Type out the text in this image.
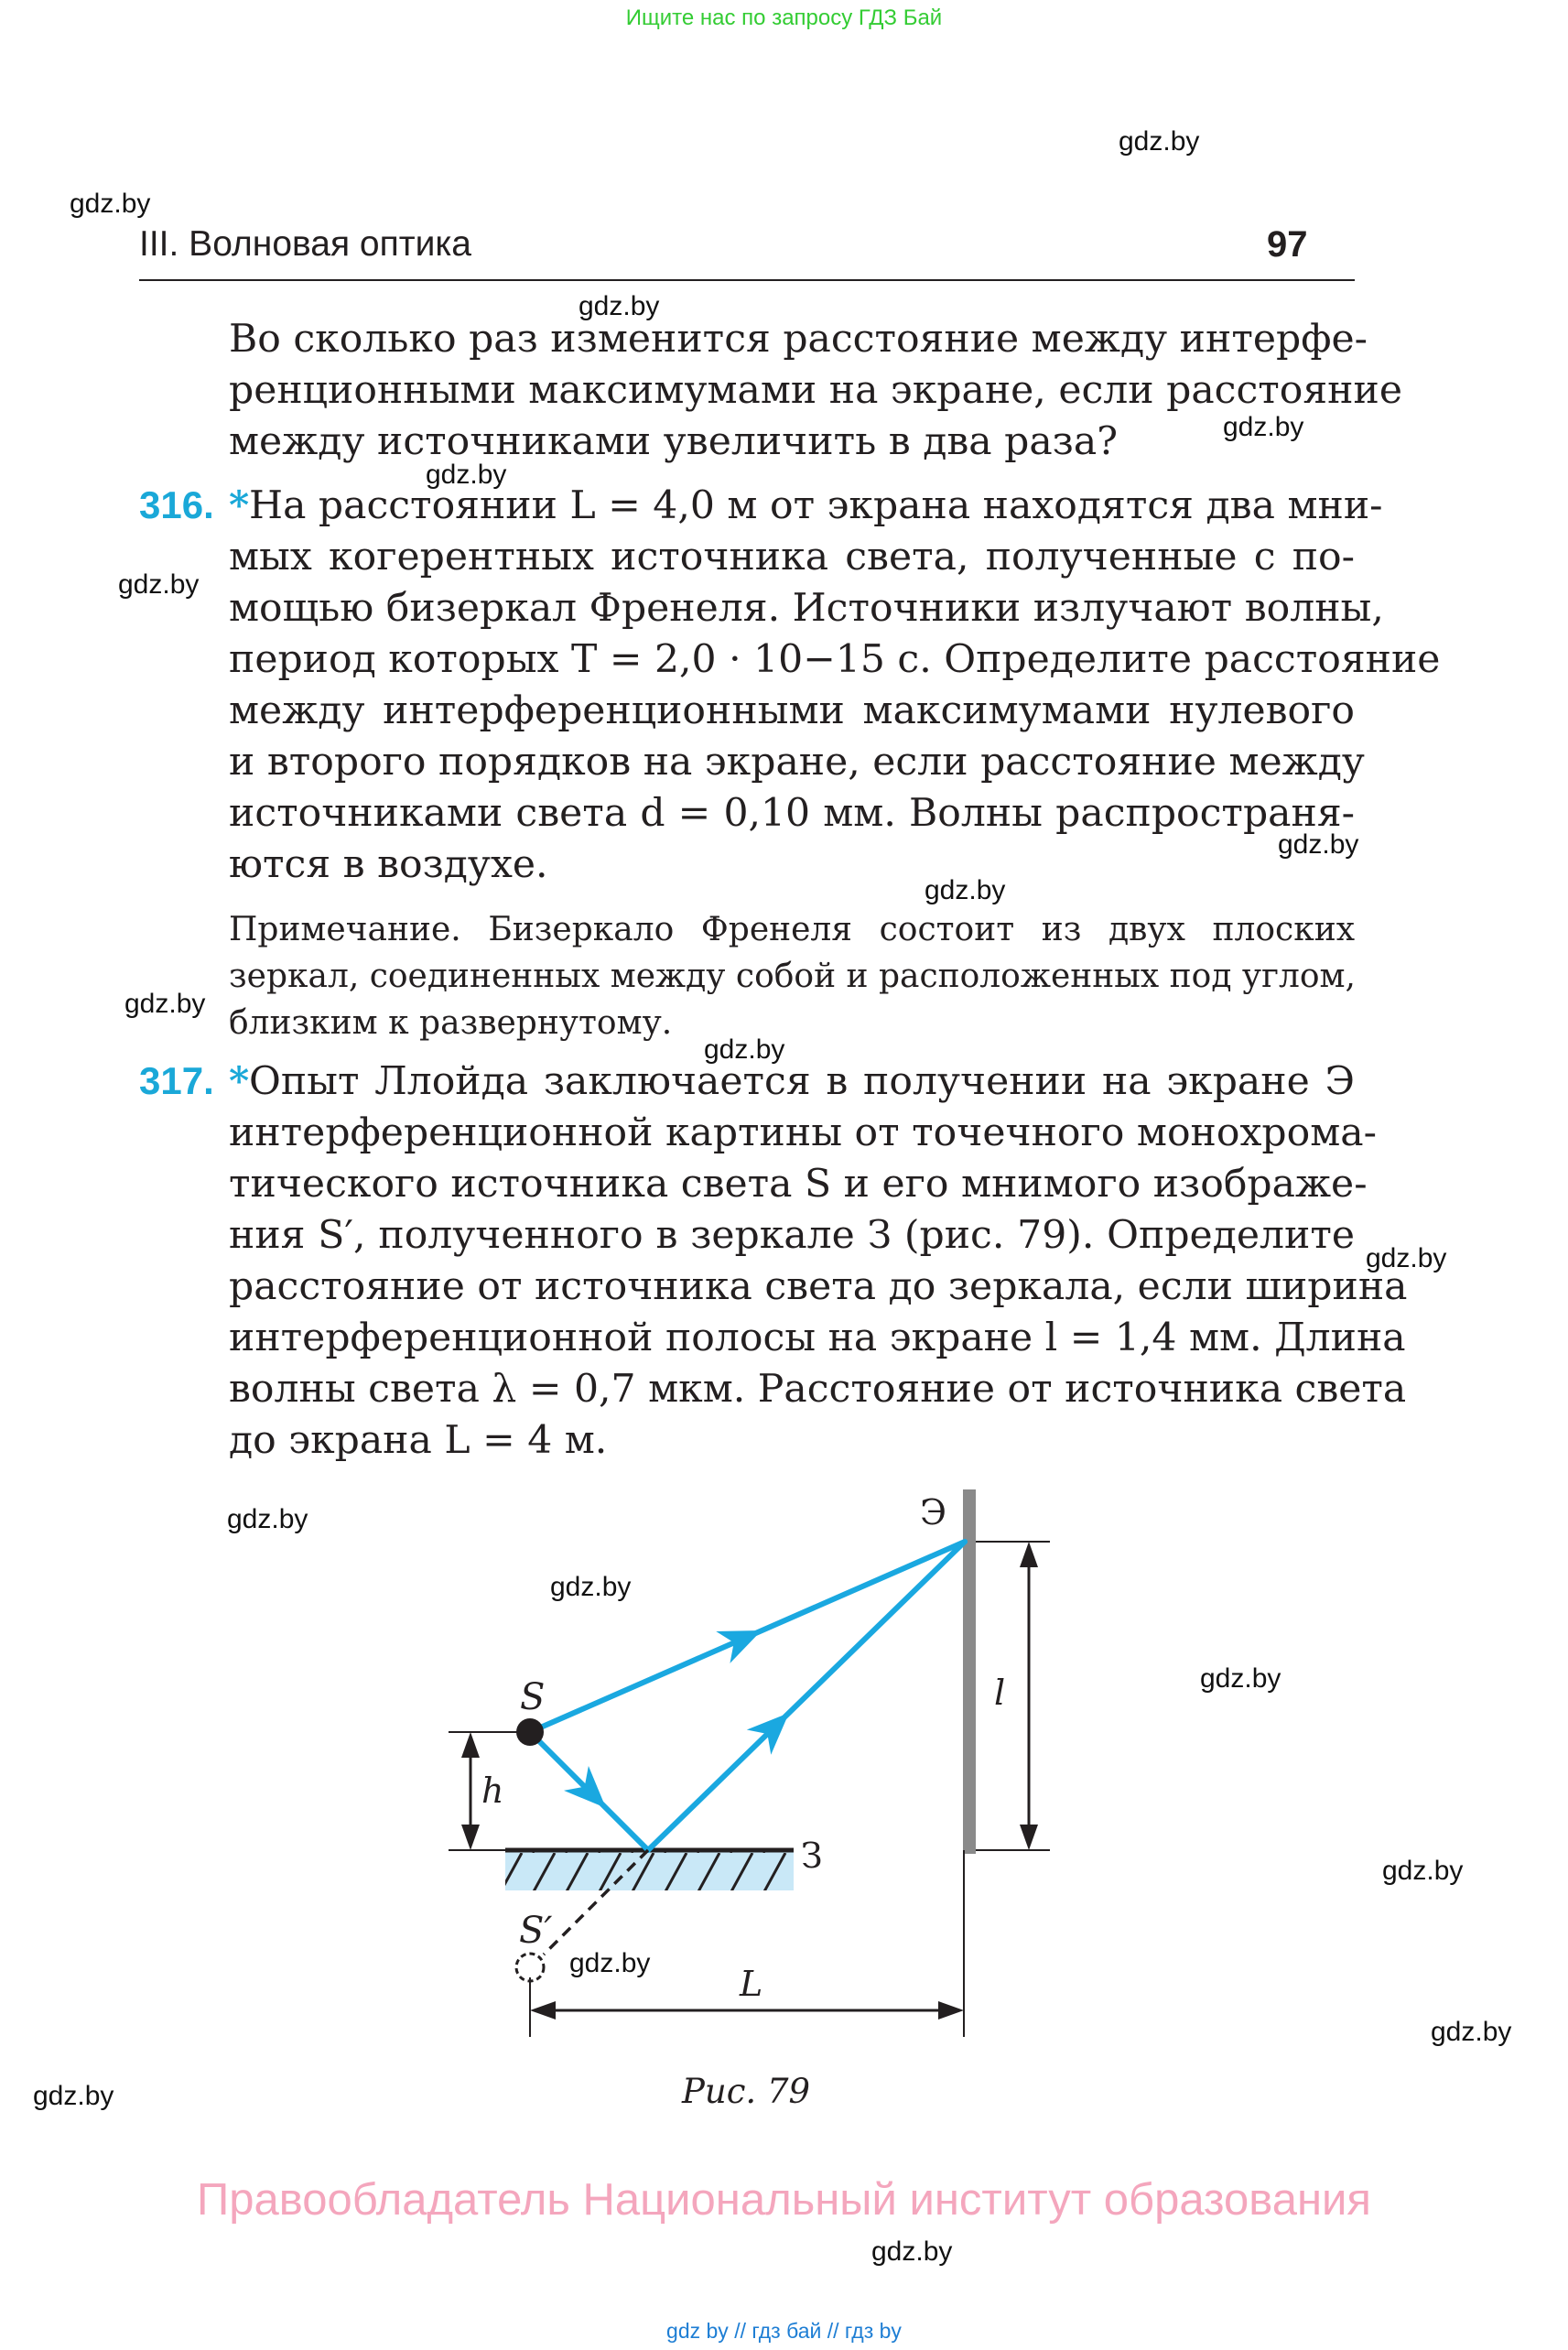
Ищите нас по запросу ГДЗ Бай
gdz.by
gdz.by
gdz.by
gdz.by
gdz.by
gdz.by
gdz.by
gdz.by
gdz.by
gdz.by
gdz.by
gdz.by
gdz.by
gdz.by
gdz.by
gdz.by
gdz.by
gdz.by
gdz.by
III. Волновая оптика	97
Во сколько раз изменится расстояние между интерфе-
ренционными максимумами на экране, если расстояние
между источниками увеличить в два раза?
316. * На расстоянии L = 4,0 м от экрана находятся два мни-
мых когерентных источника света, полученные с по-
мощью бизеркал Френеля. Источники излучают волны,
период которых T = 2,0 · 10−15 с. Определите расстояние
между интерференционными максимумами нулевого
и второго порядков на экране, если расстояние между
источниками света d = 0,10 мм. Волны распространя-
ются в воздухе.
Примечание. Бизеркало Френеля состоит из двух плоских
зеркал, соединенных между собой и расположенных под углом,
близким к развернутому.
317. * Опыт Ллойда заключается в получении на экране Э
интерференционной картины от точечного монохрома-
тического источника света S и его мнимого изображе-
ния S′, полученного в зеркале З (рис. 79). Определите
расстояние от источника света до зеркала, если ширина
интерференционной полосы на экране l = 1,4 мм. Длина
волны света λ = 0,7 мкм. Расстояние от источника света
до экрана L = 4 м.
S
S′
h
L
Э
З
l
Рис. 79
Правообладатель Национальный институт образования
gdz by // гдз бай // гдз by
